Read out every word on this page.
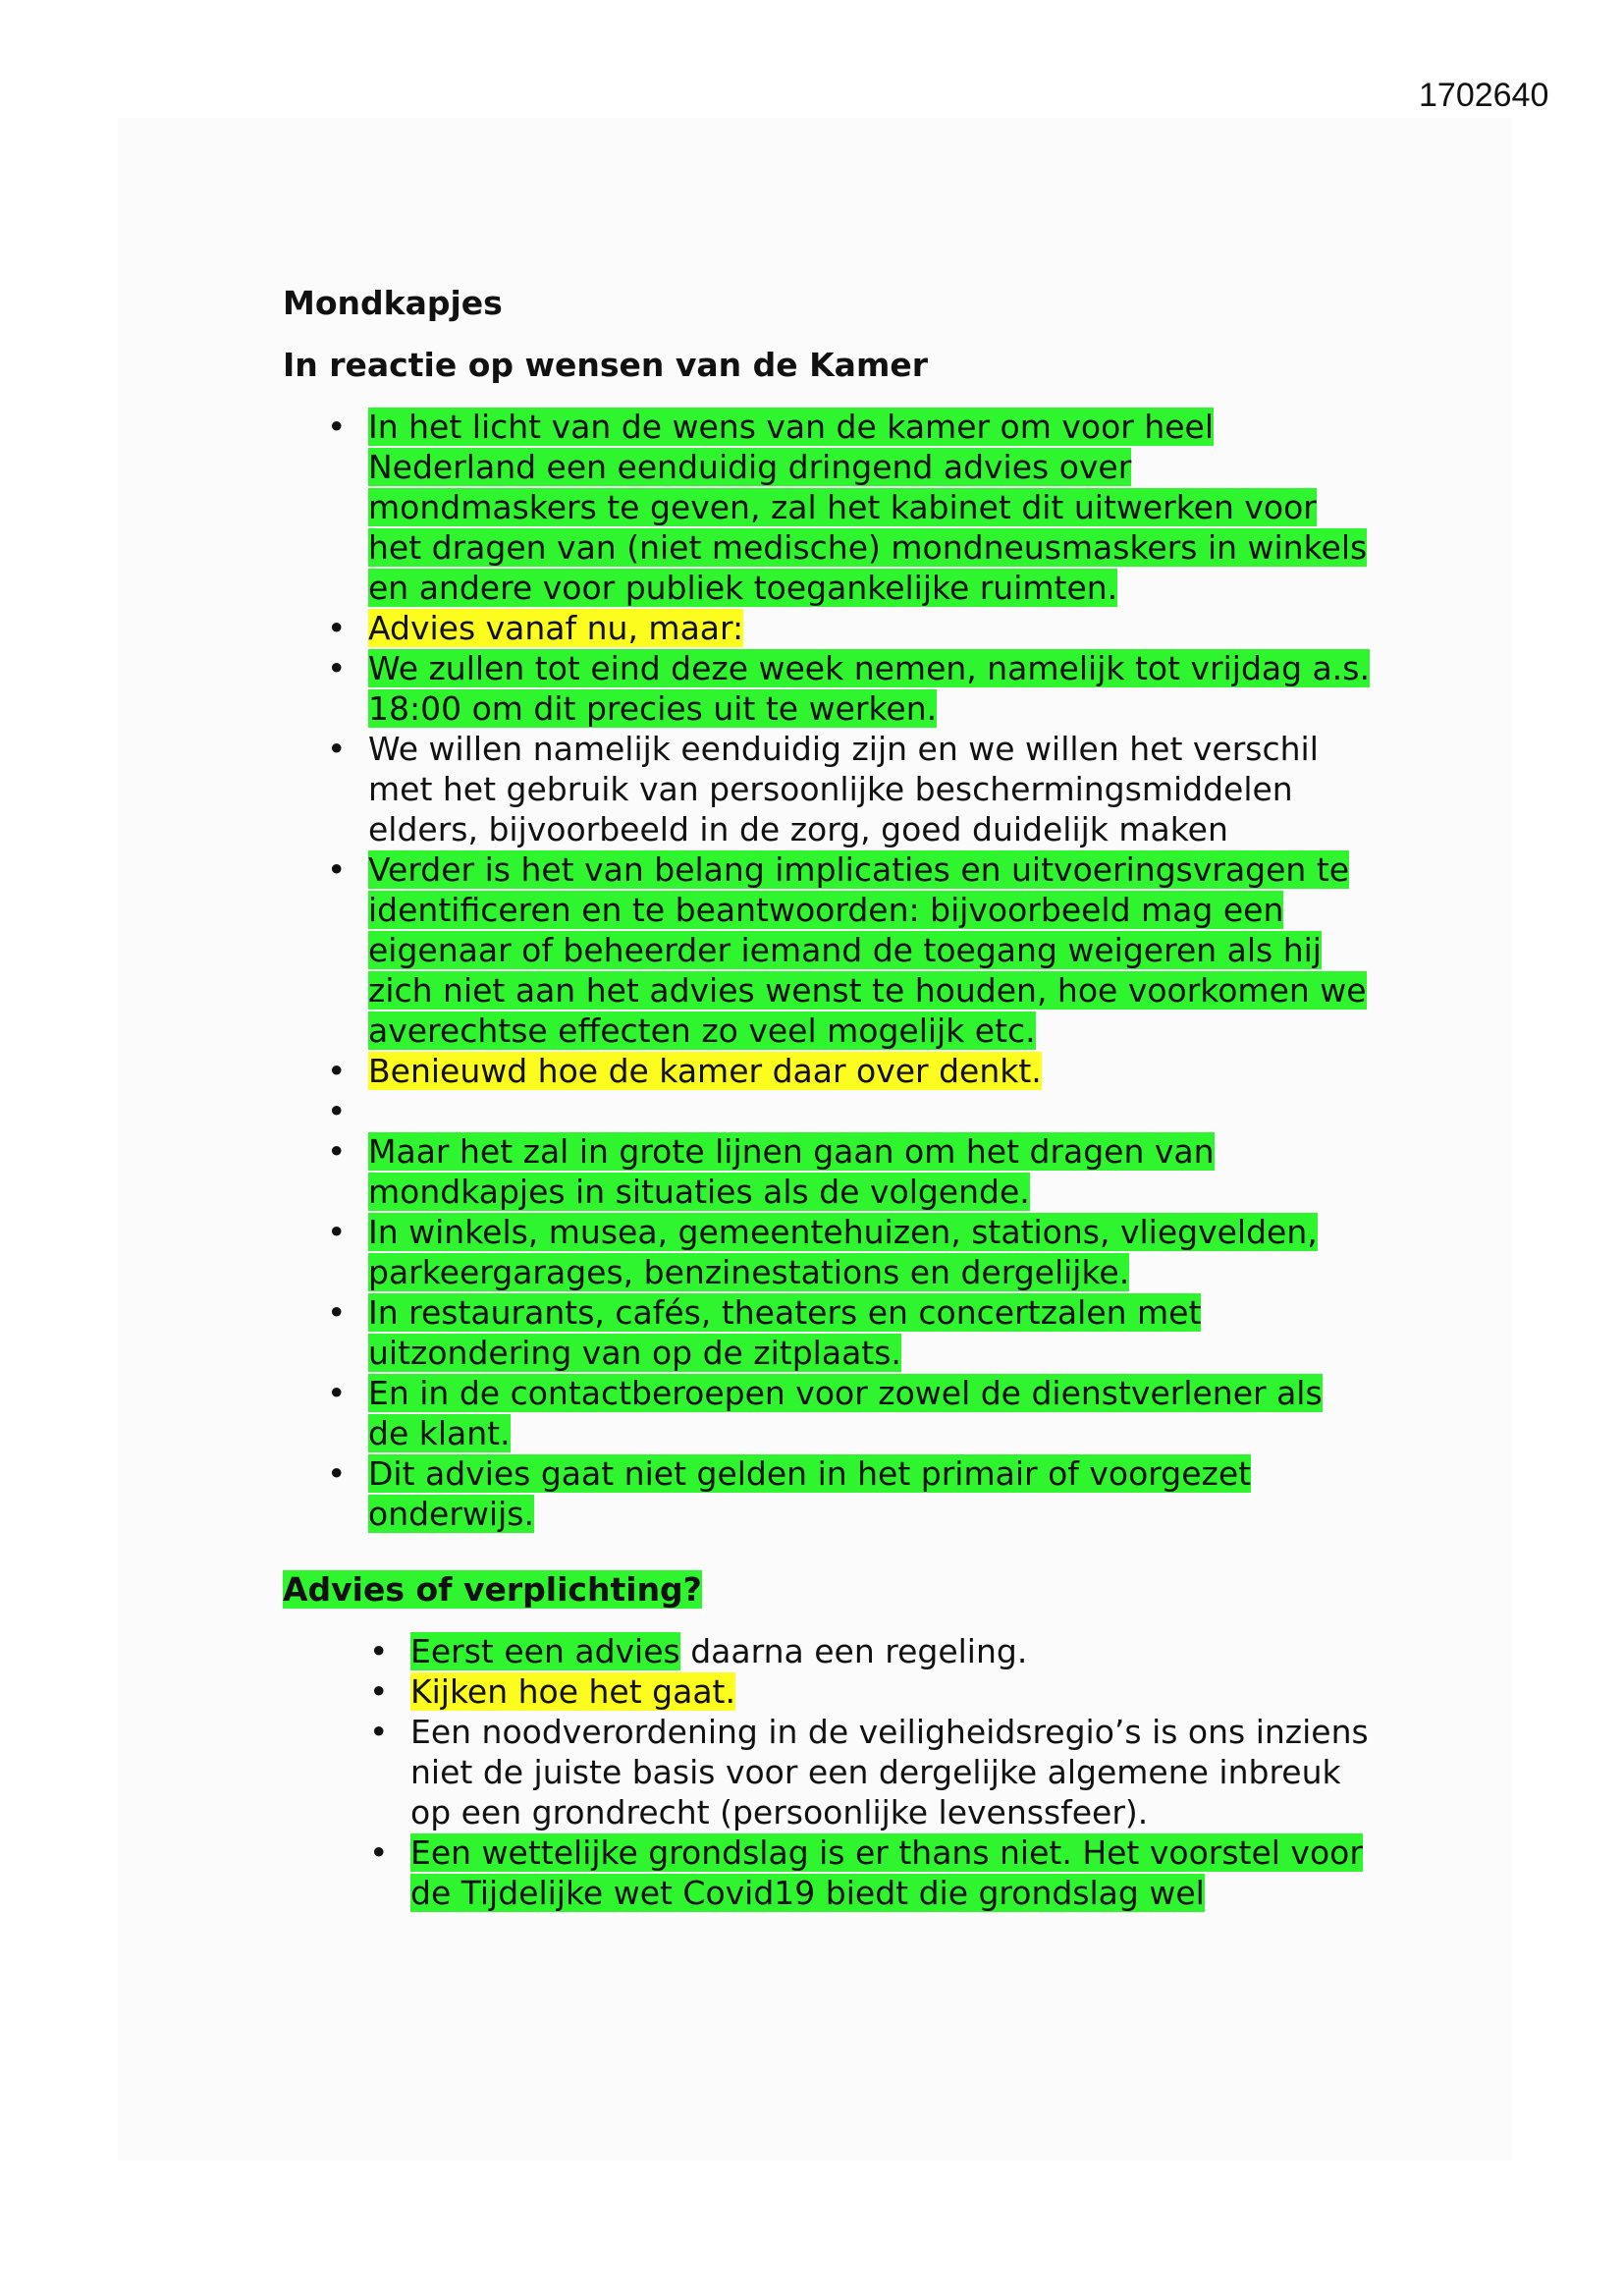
1702640
Mondkapjes
In reactie op wensen van de Kamer
• In het licht van de wens van de kamer om voor heel Nederland een eenduidig dringend advies over mondmaskers te geven, zal het kabinet dit uitwerken voor het dragen van (niet medische) mondneusmaskers in winkels en andere voor publiek toegankelijke ruimten.
• Advies vanaf nu, maar:
• We zullen tot eind deze week nemen, namelijk tot vrijdag a.s. 18:00 om dit precies uit te werken.
• We willen namelijk eenduidig zijn en we willen het verschil met het gebruik van persoonlijke beschermingsmiddelen elders, bijvoorbeeld in de zorg, goed duidelijk maken
• Verder is het van belang implicaties en uitvoeringsvragen te identificeren en te beantwoorden: bijvoorbeeld mag een eigenaar of beheerder iemand de toegang weigeren als hij zich niet aan het advies wenst te houden, hoe voorkomen we averechtse effecten zo veel mogelijk etc.
• Benieuwd hoe de kamer daar over denkt.
•
• Maar het zal in grote lijnen gaan om het dragen van mondkapjes in situaties als de volgende.
• In winkels, musea, gemeentehuizen, stations, vliegvelden, parkeergarages, benzinestations en dergelijke.
• In restaurants, cafés, theaters en concertzalen met uitzondering van op de zitplaats.
• En in de contactberoepen voor zowel de dienstverlener als de klant.
• Dit advies gaat niet gelden in het primair of voorgezet onderwijs.
Advies of verplichting?
• Eerst een advies daarna een regeling.
• Kijken hoe het gaat.
• Een noodverordening in de veiligheidsregio’s is ons inziens niet de juiste basis voor een dergelijke algemene inbreuk op een grondrecht (persoonlijke levenssfeer).
• Een wettelijke grondslag is er thans niet. Het voorstel voor de Tijdelijke wet Covid19 biedt die grondslag wel
